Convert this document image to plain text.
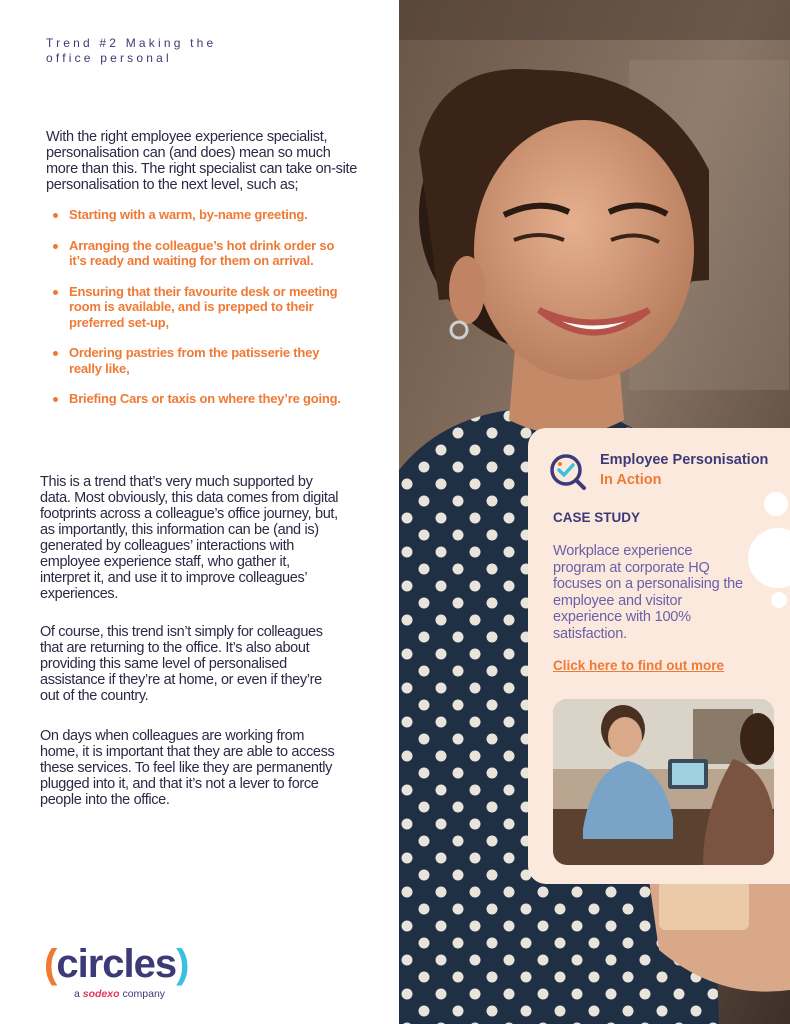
Trend #2 Making the
office personal

With the right employee experience specialist, personalisation can (and does) mean so much more than this. The right specialist can take on-site personalisation to the next level, such as;

Starting with a warm, by-name greeting.
Arranging the colleague’s hot drink order so it’s ready and waiting for them on arrival.
Ensuring that their favourite desk or meeting room is available, and is prepped to their preferred set-up,
Ordering pastries from the patisserie they really like,
Briefing Cars or taxis on where they’re going.

This is a trend that’s very much supported by data. Most obviously, this data comes from digital footprints across a colleague’s office journey, but, as importantly, this information can be (and is) generated by colleagues’ interactions with employee experience staff, who gather it, interpret it, and use it to improve colleagues’ experiences.

Of course, this trend isn’t simply for colleagues that are returning to the office. It’s also about providing this same level of personalised assistance if they’re at home, or even if they’re out of the country.

On days when colleagues are working from home, it is important that they are able to access these services. To feel like they are permanently plugged into it, and that it’s not a lever to force people into the office.

Employee Personisation
In Action

CASE STUDY

Workplace experience program at corporate HQ focuses on a personalising the employee and visitor experience with 100% satisfaction.

Click here to find out more
(circles)
a sodexo company
